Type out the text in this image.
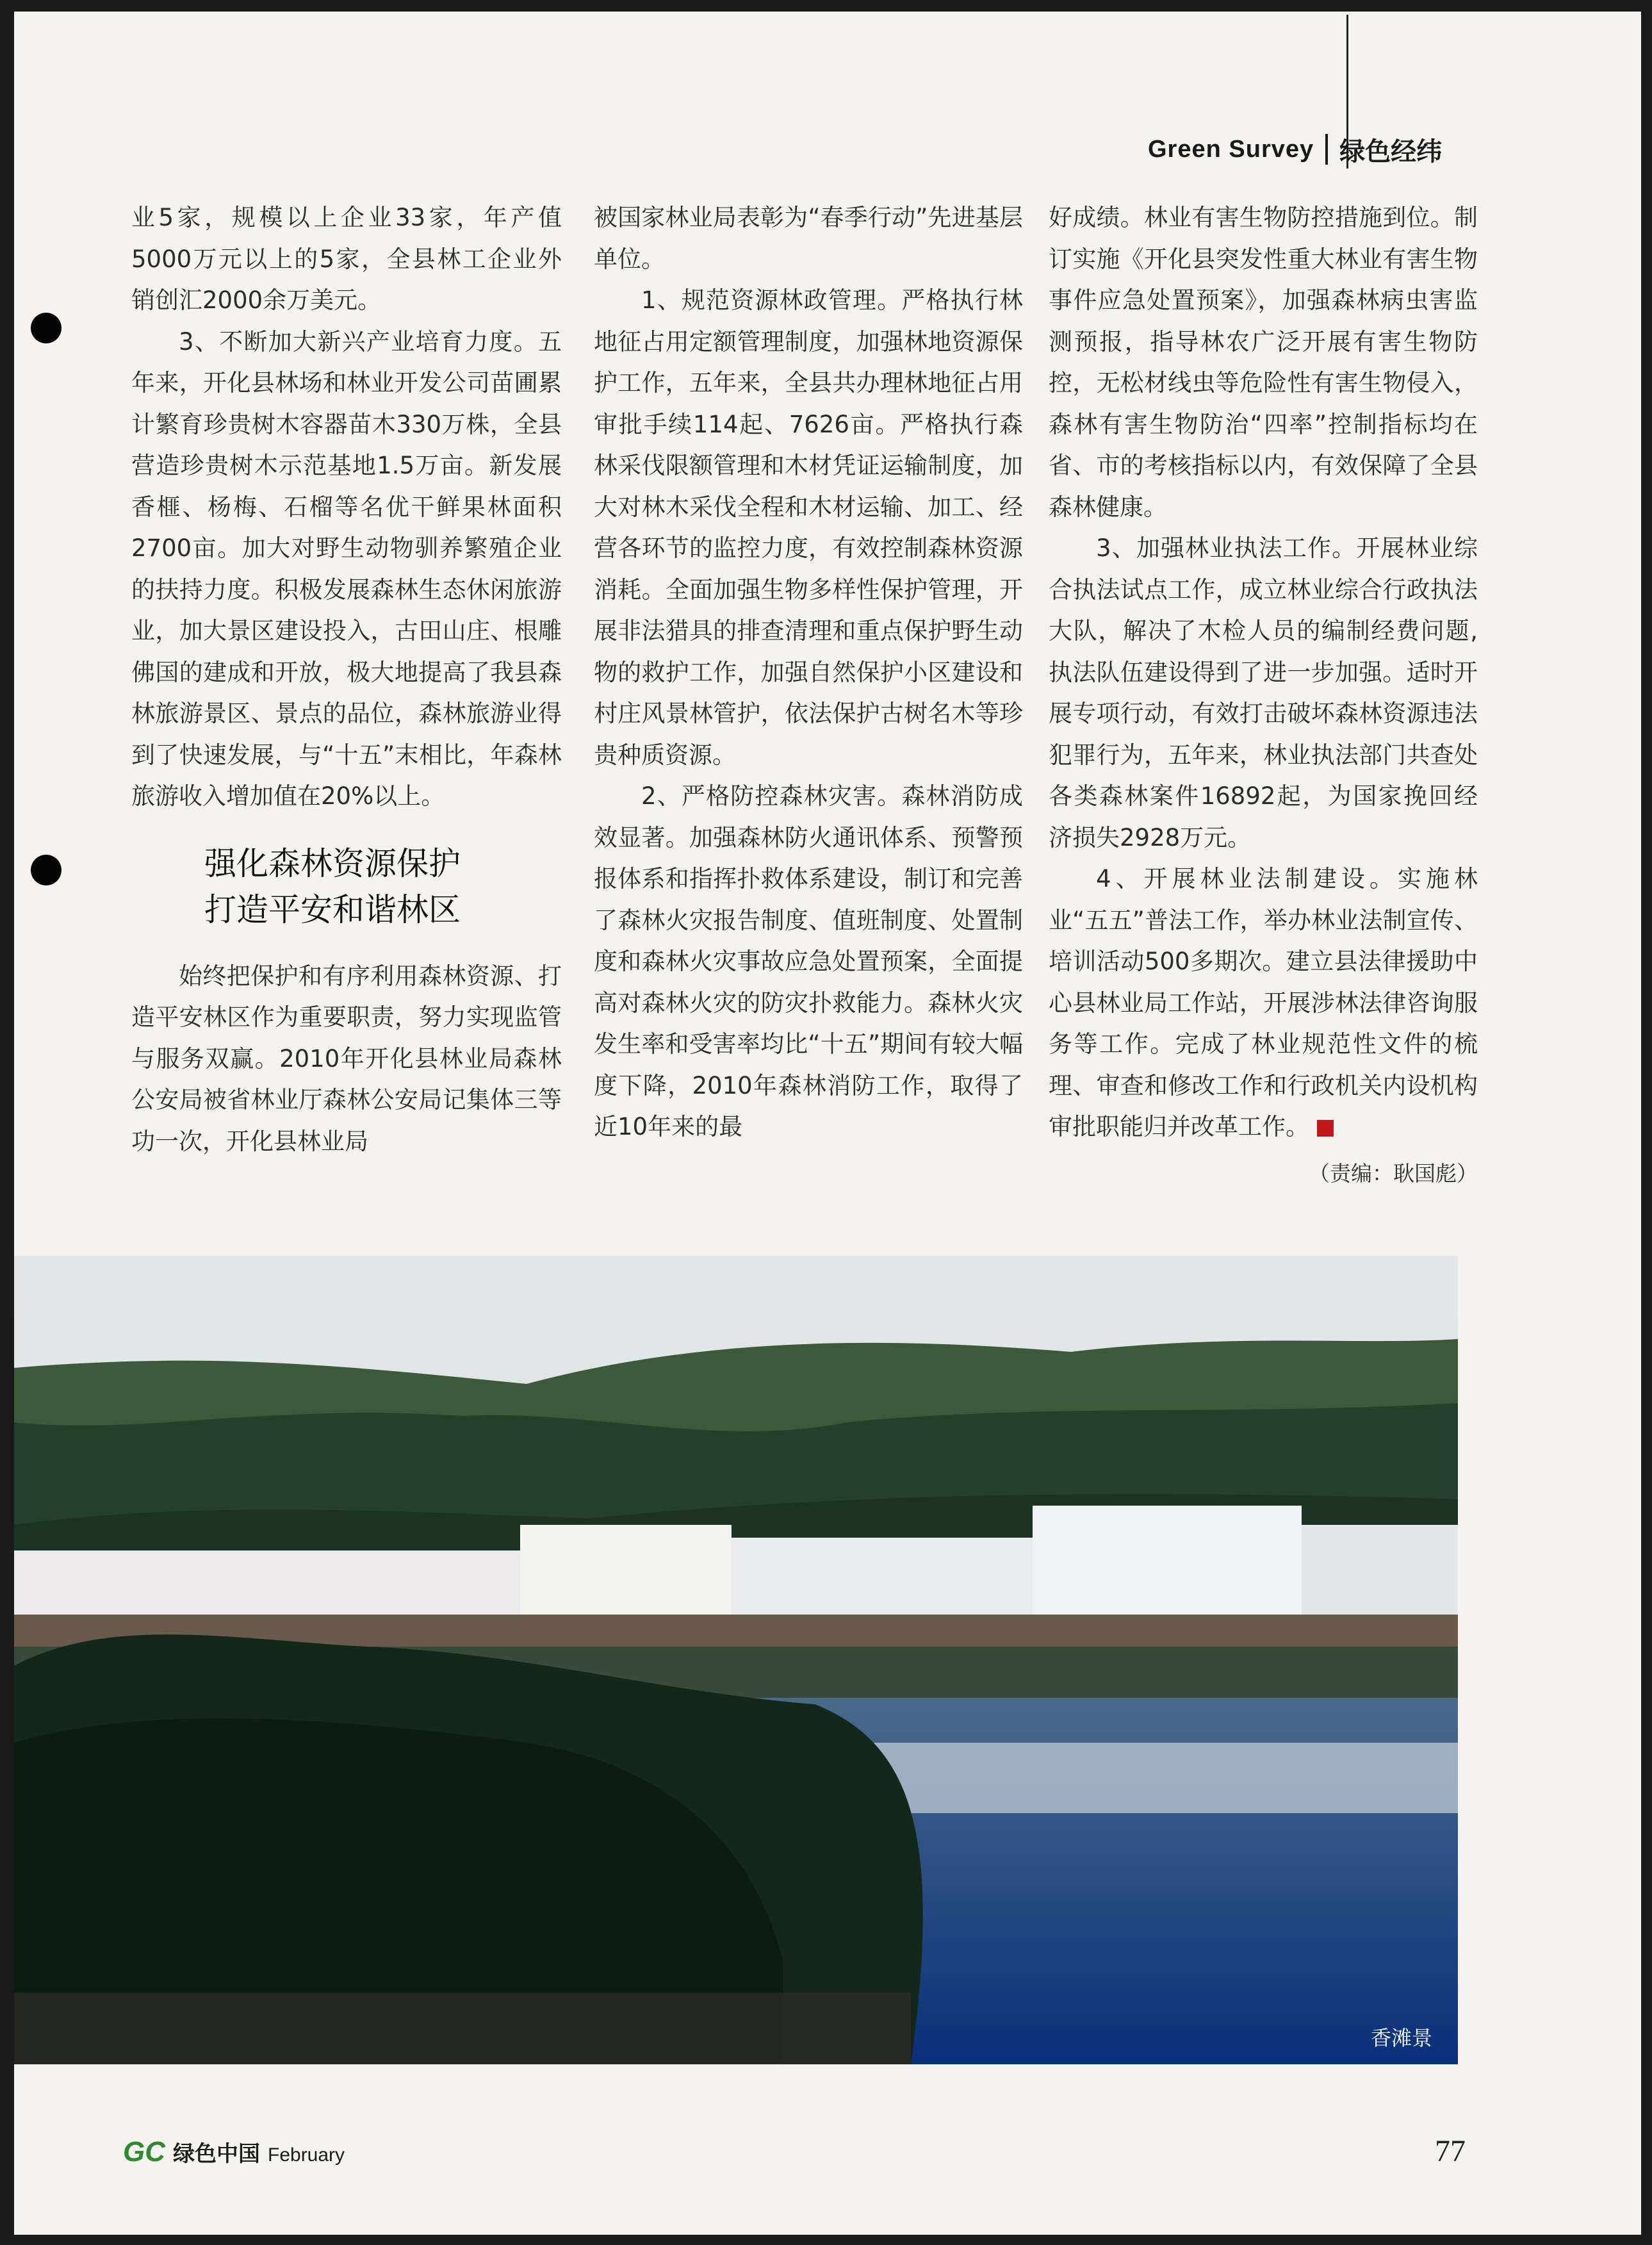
Green Survey 绿色经纬

业5家，规模以上企业33家，年产值5000万元以上的5家，全县林工企业外销创汇2000余万美元。

3、不断加大新兴产业培育力度。五年来，开化县林场和林业开发公司苗圃累计繁育珍贵树木容器苗木330万株，全县营造珍贵树木示范基地1.5万亩。新发展香榧、杨梅、石榴等名优干鲜果林面积2700亩。加大对野生动物驯养繁殖企业的扶持力度。积极发展森林生态休闲旅游业，加大景区建设投入，古田山庄、根雕佛国的建成和开放，极大地提高了我县森林旅游景区、景点的品位，森林旅游业得到了快速发展，与“十五”末相比，年森林旅游收入增加值在20%以上。

强化森林资源保护
打造平安和谐林区

始终把保护和有序利用森林资源、打造平安林区作为重要职责，努力实现监管与服务双赢。2010年开化县林业局森林公安局被省林业厅森林公安局记集体三等功一次，开化县林业局

被国家林业局表彰为“春季行动”先进基层单位。

1、规范资源林政管理。严格执行林地征占用定额管理制度，加强林地资源保护工作，五年来，全县共办理林地征占用审批手续114起、7626亩。严格执行森林采伐限额管理和木材凭证运输制度，加大对林木采伐全程和木材运输、加工、经营各环节的监控力度，有效控制森林资源消耗。全面加强生物多样性保护管理，开展非法猎具的排查清理和重点保护野生动物的救护工作，加强自然保护小区建设和村庄风景林管护，依法保护古树名木等珍贵种质资源。

2、严格防控森林灾害。森林消防成效显著。加强森林防火通讯体系、预警预报体系和指挥扑救体系建设，制订和完善了森林火灾报告制度、值班制度、处置制度和森林火灾事故应急处置预案，全面提高对森林火灾的防灾扑救能力。森林火灾发生率和受害率均比“十五”期间有较大幅度下降，2010年森林消防工作，取得了近10年来的最

好成绩。林业有害生物防控措施到位。制订实施《开化县突发性重大林业有害生物事件应急处置预案》，加强森林病虫害监测预报，指导林农广泛开展有害生物防控，无松材线虫等危险性有害生物侵入，森林有害生物防治“四率”控制指标均在省、市的考核指标以内，有效保障了全县森林健康。

3、加强林业执法工作。开展林业综合执法试点工作，成立林业综合行政执法大队，解决了木检人员的编制经费问题,执法队伍建设得到了进一步加强。适时开展专项行动，有效打击破坏森林资源违法犯罪行为，五年来，林业执法部门共查处各类森林案件16892起，为国家挽回经济损失2928万元。

4、开展林业法制建设。实施林业“五五”普法工作，举办林业法制宣传、培训活动500多期次。建立县法律援助中心县林业局工作站，开展涉林法律咨询服务等工作。完成了林业规范性文件的梳理、审查和修改工作和行政机关内设机构审批职能归并改革工作。

（责编：耿国彪）
香滩景
GC 绿色中国 February	77
